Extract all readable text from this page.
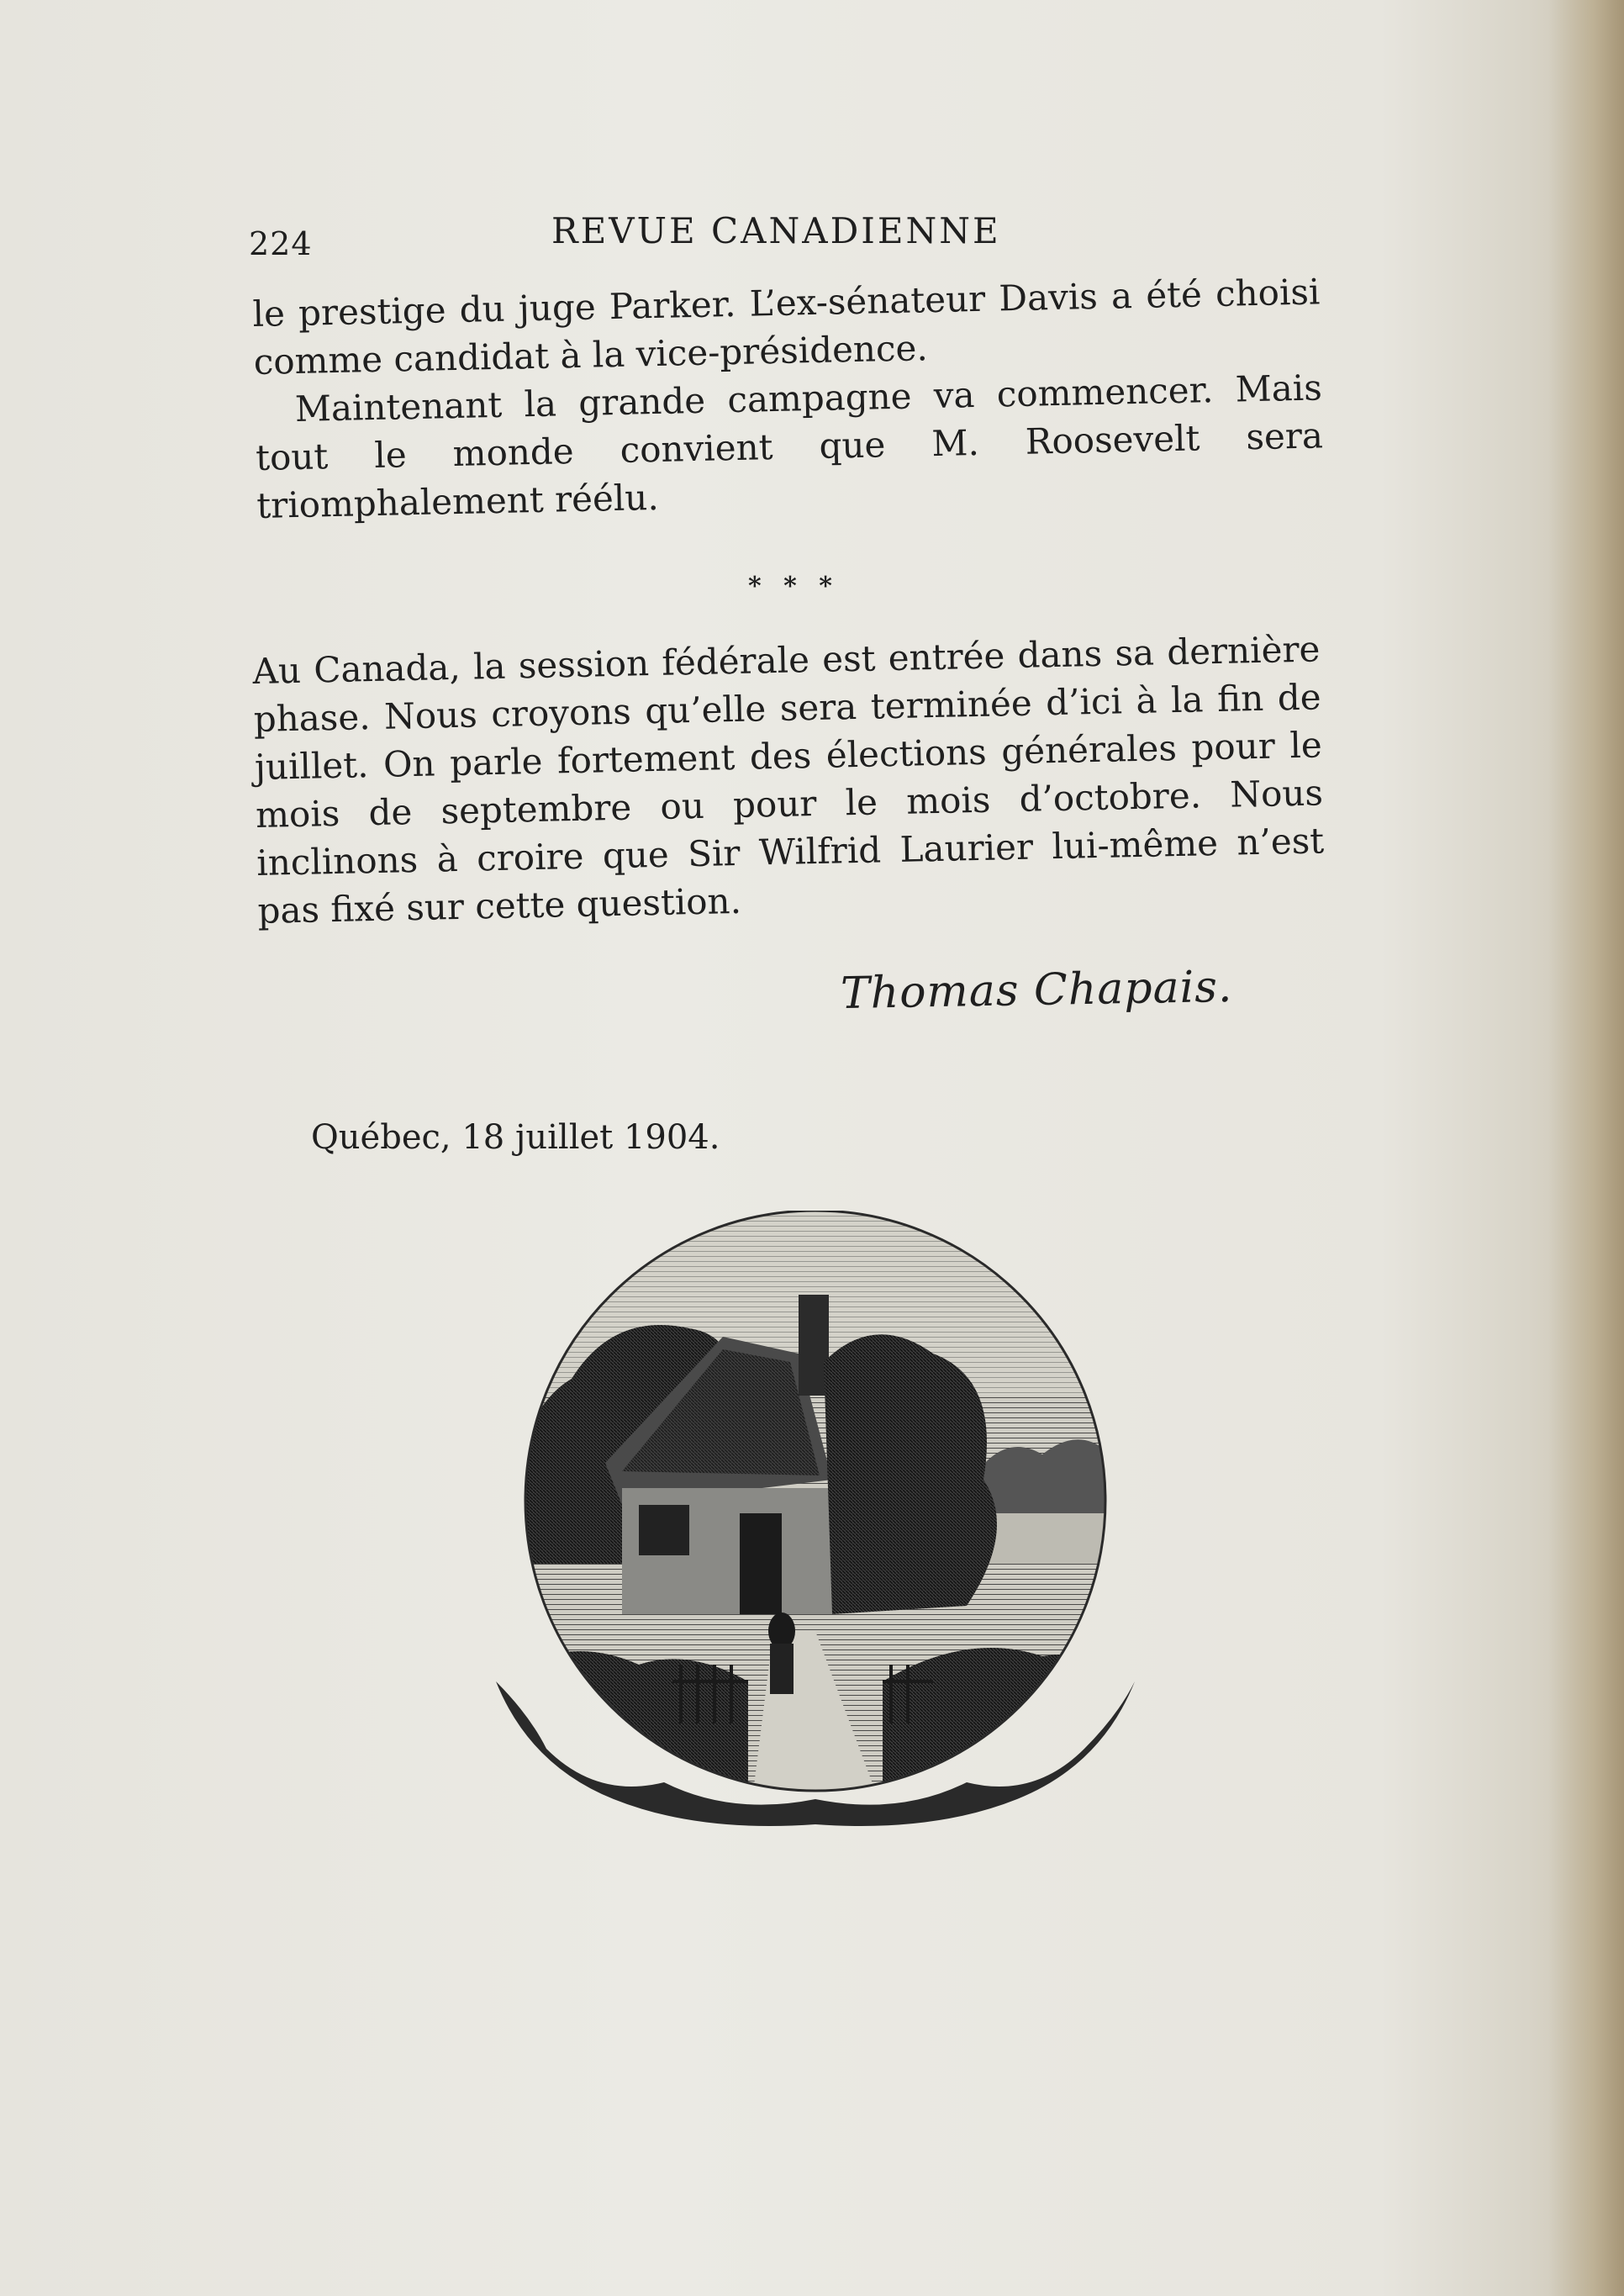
224	REVUE CANADIENNE

le prestige du juge Parker. L’ex-sénateur Davis a été choisi comme candidat à la vice-présidence.

Maintenant la grande campagne va commencer. Mais tout le monde convient que M. Roosevelt sera triomphalement réélu.

* * *

Au Canada, la session fédérale est entrée dans sa dernière phase. Nous croyons qu’elle sera terminée d’ici à la fin de juillet. On parle fortement des élections générales pour le mois de septembre ou pour le mois d’octobre. Nous inclinons à croire que Sir Wilfrid Laurier lui-même n’est pas fixé sur cette question.

Thomas Chapais.
Québec, 18 juillet 1904.
